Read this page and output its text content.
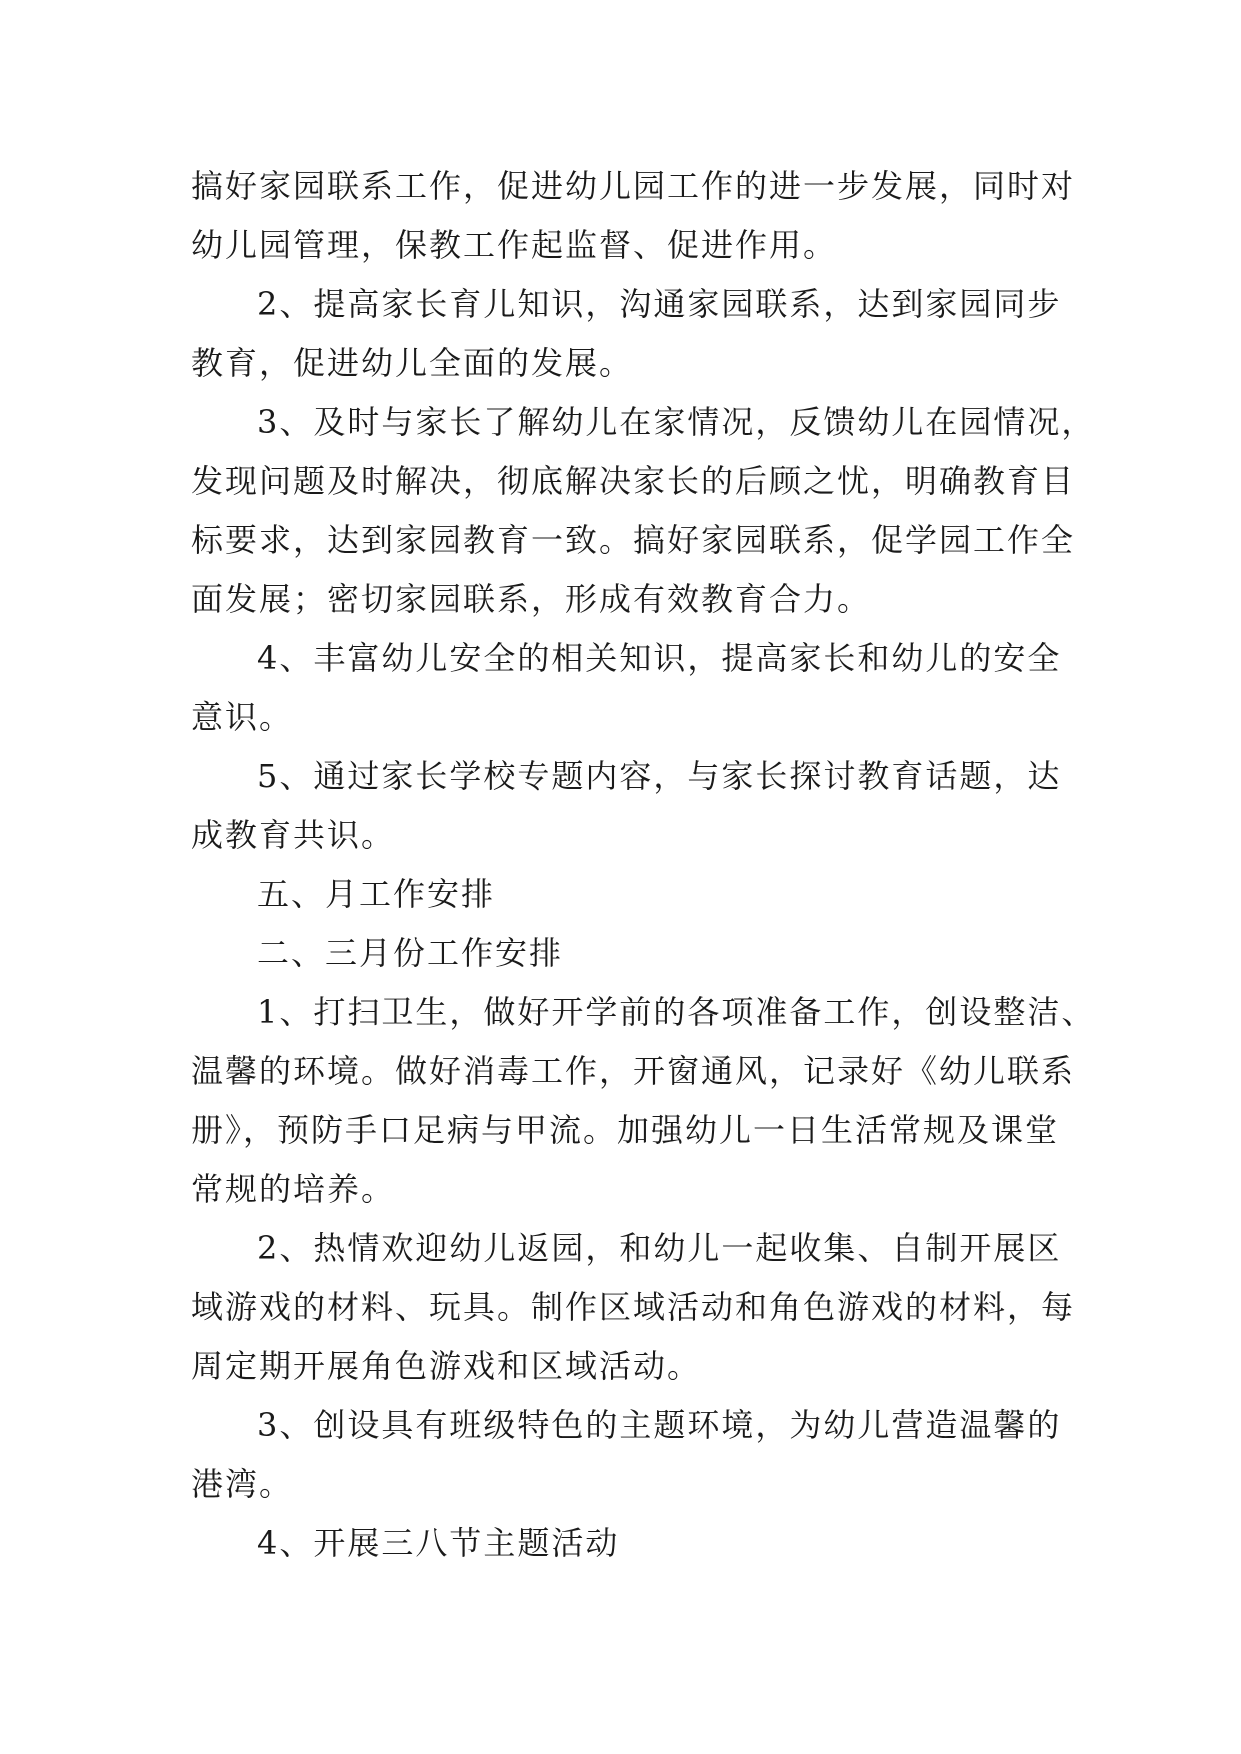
搞好家园联系工作，促进幼儿园工作的进一步发展，同时对

幼儿园管理，保教工作起监督、促进作用。

2、提高家长育儿知识，沟通家园联系，达到家园同步

教育，促进幼儿全面的发展。

3、及时与家长了解幼儿在家情况，反馈幼儿在园情况，

发现问题及时解决，彻底解决家长的后顾之忧，明确教育目

标要求，达到家园教育一致。搞好家园联系，促学园工作全

面发展；密切家园联系，形成有效教育合力。

4、丰富幼儿安全的相关知识，提高家长和幼儿的安全

意识。

5、通过家长学校专题内容，与家长探讨教育话题，达

成教育共识。

五、月工作安排

二、三月份工作安排

1、打扫卫生，做好开学前的各项准备工作，创设整洁、

温馨的环境。做好消毒工作，开窗通风，记录好《幼儿联系

册》，预防手口足病与甲流。加强幼儿一日生活常规及课堂

常规的培养。

2、热情欢迎幼儿返园，和幼儿一起收集、自制开展区

域游戏的材料、玩具。制作区域活动和角色游戏的材料，每

周定期开展角色游戏和区域活动。

3、创设具有班级特色的主题环境，为幼儿营造温馨的

港湾。

4、开展三八节主题活动
